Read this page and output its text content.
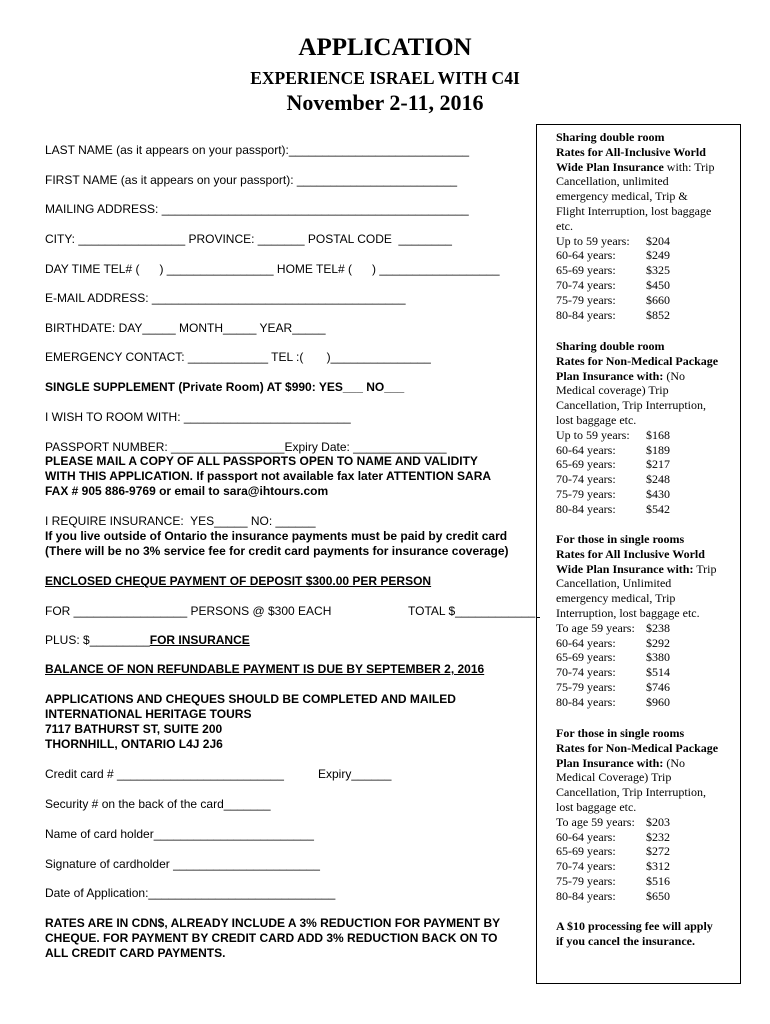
APPLICATION
EXPERIENCE ISRAEL WITH C4I
November 2-11, 2016
LAST NAME (as it appears on your passport):___________________________
FIRST NAME (as it appears on your passport): ________________________
MAILING ADDRESS: ______________________________________________
CITY: ________________ PROVINCE: _______ POSTAL CODE  ________
DAY TIME TEL# (      ) ________________ HOME TEL# (      ) __________________
E-MAIL ADDRESS: ______________________________________
BIRTHDATE: DAY_____ MONTH_____ YEAR_____
EMERGENCY CONTACT: ____________ TEL :(       )_______________
SINGLE SUPPLEMENT (Private Room) AT $990: YES___ NO___
I WISH TO ROOM WITH: _________________________
PASSPORT NUMBER: _________________Expiry Date: ______________
PLEASE MAIL A COPY OF ALL PASSPORTS OPEN TO NAME AND VALIDITY
WITH THIS APPLICATION. If passport not available fax later ATTENTION SARA
FAX # 905 886-9769 or email to sara@ihtours.com
I REQUIRE INSURANCE:  YES_____ NO: ______
If you live outside of Ontario the insurance payments must be paid by credit card
(There will be no 3% service fee for credit card payments for insurance coverage)
ENCLOSED CHEQUE PAYMENT OF DEPOSIT $300.00 PER PERSON
FOR _________________ PERSONS @ $300 EACH	TOTAL $____________
PLUS: $_________FOR INSURANCE
BALANCE OF NON REFUNDABLE PAYMENT IS DUE BY SEPTEMBER 2, 2016
APPLICATIONS AND CHEQUES SHOULD BE COMPLETED AND MAILED
INTERNATIONAL HERITAGE TOURS
7117 BATHURST ST, SUITE 200
THORNHILL, ONTARIO L4J 2J6
Credit card # _________________________	Expiry______
Security # on the back of the card_______
Name of card holder________________________
Signature of cardholder ______________________
Date of Application:____________________________
RATES ARE IN CDN$, ALREADY INCLUDE A 3% REDUCTION FOR PAYMENT BY
CHEQUE. FOR PAYMENT BY CREDIT CARD ADD 3% REDUCTION BACK ON TO
ALL CREDIT CARD PAYMENTS.
Sharing double room
Rates for All-Inclusive World
Wide Plan Insurance with: Trip
Cancellation, unlimited
emergency medical, Trip &
Flight Interruption, lost baggage
etc.
Up to 59 years: $204
60-64 years:	$249
65-69 years:	$325
70-74 years:	$450
75-79 years:	$660
80-84 years:	$852
Sharing double room
Rates for Non-Medical Package
Plan Insurance with: (No
Medical coverage) Trip
Cancellation, Trip Interruption,
lost baggage etc.
Up to 59 years: $168
60-64 years:	$189
65-69 years:	$217
70-74 years:	$248
75-79 years:	$430
80-84 years:	$542
For those in single rooms
Rates for All Inclusive World
Wide Plan Insurance with: Trip
Cancellation, Unlimited
emergency medical, Trip
Interruption, lost baggage etc.
To age 59 years: $238
60-64 years:	$292
65-69 years:	$380
70-74 years:	$514
75-79 years:	$746
80-84 years:	$960
For those in single rooms
Rates for Non-Medical Package
Plan Insurance with: (No
Medical Coverage) Trip
Cancellation, Trip Interruption,
lost baggage etc.
To age 59 years: $203
60-64 years:	$232
65-69 years:	$272
70-74 years:	$312
75-79 years:	$516
80-84 years:	$650
A $10 processing fee will apply
if you cancel the insurance.
